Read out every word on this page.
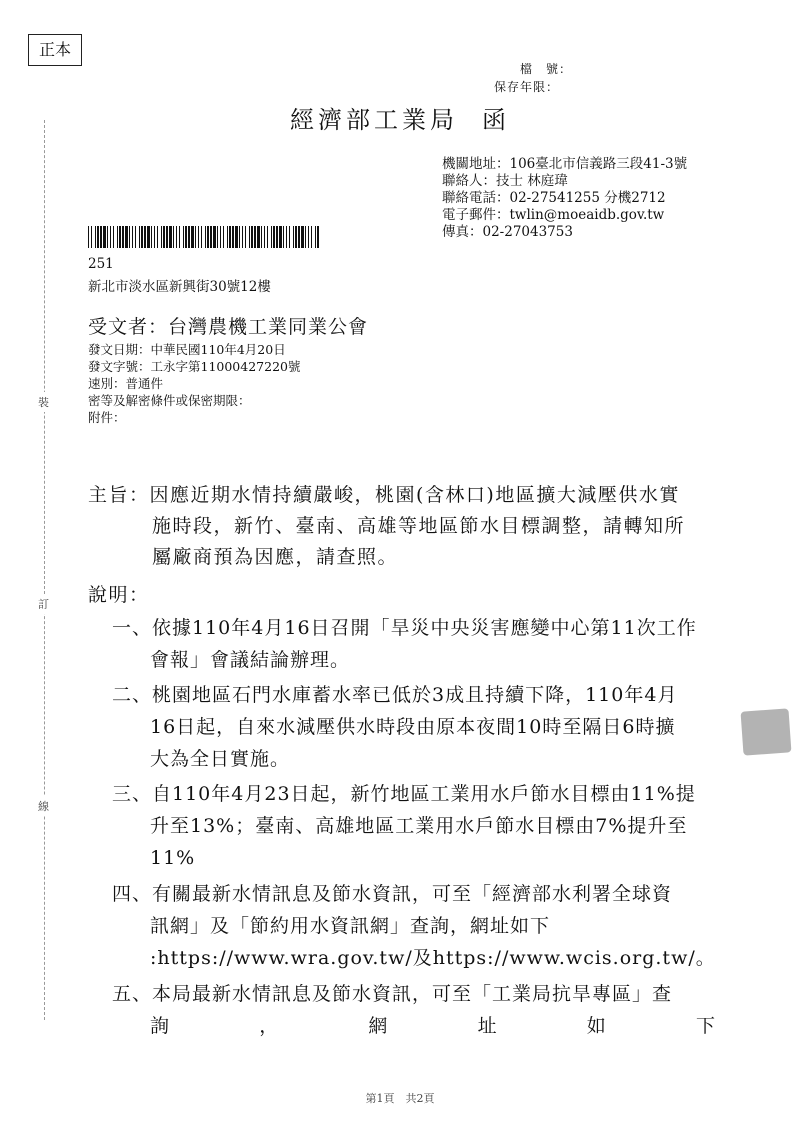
正本
檔　號：
保存年限：
經濟部工業局 函
機關地址：106臺北市信義路三段41-3號
聯絡人：技士 林庭瑋
聯絡電話：02-27541255 分機2712
電子郵件：twlin@moeaidb.gov.tw
傳真：02-27043753
251
新北市淡水區新興街30號12樓
受文者：台灣農機工業同業公會
發文日期：中華民國110年4月20日
發文字號：工永字第11000427220號
速別：普通件
密等及解密條件或保密期限：
附件：
裝
訂
線
主旨：因應近期水情持續嚴峻，桃園(含林口)地區擴大減壓供水實
施時段，新竹、臺南、高雄等地區節水目標調整，請轉知所
屬廠商預為因應，請查照。
說明：
一、依據110年4月16日召開「旱災中央災害應變中心第11次工作
會報」會議結論辦理。
二、桃園地區石門水庫蓄水率已低於3成且持續下降，110年4月
16日起，自來水減壓供水時段由原本夜間10時至隔日6時擴
大為全日實施。
三、自110年4月23日起，新竹地區工業用水戶節水目標由11%提
升至13%；臺南、高雄地區工業用水戶節水目標由7%提升至
11%
四、有關最新水情訊息及節水資訊，可至「經濟部水利署全球資
訊網」及「節約用水資訊網」查詢，網址如下
:https://www.wra.gov.tw/及https://www.wcis.org.tw/。
五、本局最新水情訊息及節水資訊，可至「工業局抗旱專區」查
詢	，	網	址	如	下
第1頁　共2頁
